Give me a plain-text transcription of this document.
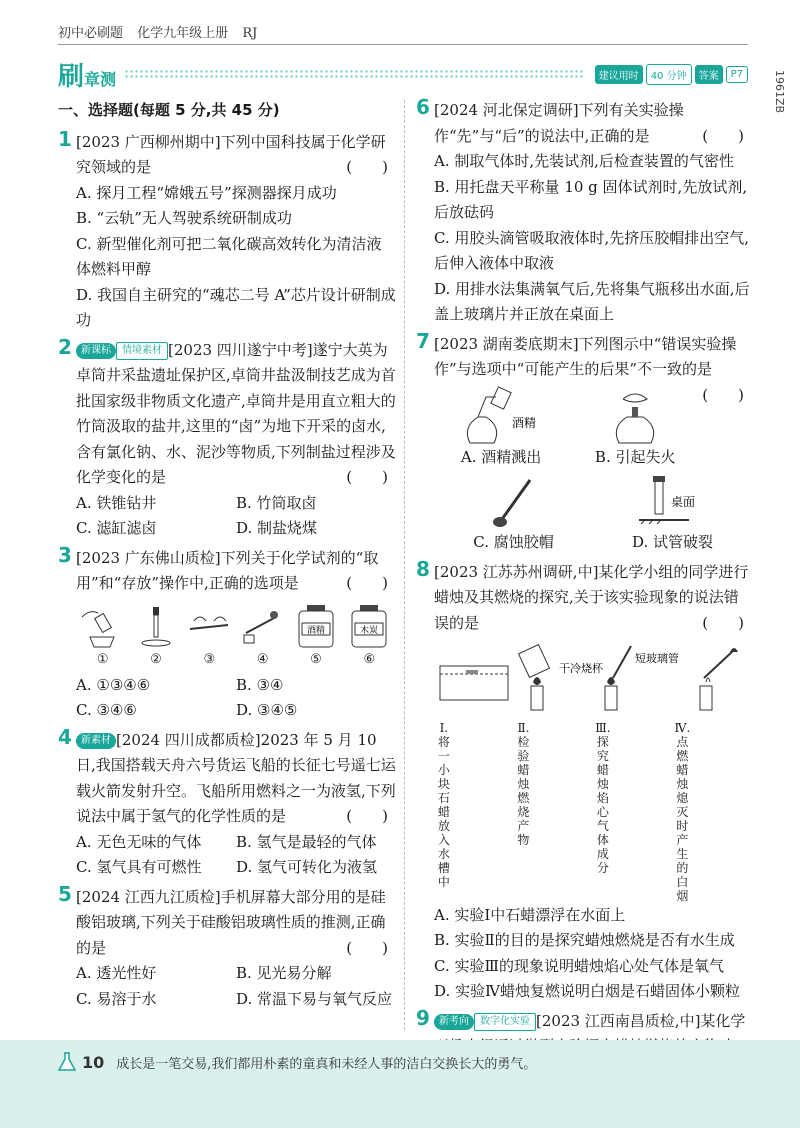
初中必刷题 化学九年级上册 RJ
1961ZB
刷章测	建议用时	40 分钟	答案	P7
一、选择题(每题 5 分,共 45 分)
1 [2023 广西柳州期中]下列中国科技属于化学研究领域的是	(　　)
A. 探月工程“嫦娥五号”探测器探月成功
B. “云轨”无人驾驶系统研制成功
C. 新型催化剂可把二氧化碳高效转化为清洁液体燃料甲醇
D. 我国自主研究的“魂芯二号 A”芯片设计研制成功
2 新课标 情境素材 [2023 四川遂宁中考]遂宁大英为卓筒井采盐遗址保护区,卓筒井盐汲制技艺成为首批国家级非物质文化遗产,卓筒井是用直立粗大的竹筒汲取的盐井,这里的“卤”为地下开采的卤水,含有氯化钠、水、泥沙等物质,下列制盐过程涉及化学变化的是	(　　)
A. 铁锥钻井	B. 竹筒取卤
C. 滤缸滤卤	D. 制盐烧煤
3 [2023 广东佛山质检]下列关于化学试剂的“取用”和“存放”操作中,正确的选项是	(　　)
酒精	木炭
①	②	③	④	⑤	⑥
A. ①③④⑥	B. ③④
C. ③④⑥	D. ③④⑤
4 新素材 [2024 四川成都质检]2023 年 5 月 10 日,我国搭载天舟六号货运飞船的长征七号遥七运载火箭发射升空。飞船所用燃料之一为液氢,下列说法中属于氢气的化学性质的是	(　　)
A. 无色无味的气体	B. 氢气是最轻的气体
C. 氢气具有可燃性	D. 氢气可转化为液氢
5 [2024 江西九江质检]手机屏幕大部分用的是硅酸铝玻璃,下列关于硅酸铝玻璃性质的推测,正确的是	(　　)
A. 透光性好	B. 见光易分解
C. 易溶于水	D. 常温下易与氧气反应
6 [2024 河北保定调研]下列有关实验操作“先”与“后”的说法中,正确的是	(　　)
A. 制取气体时,先装试剂,后检查装置的气密性
B. 用托盘天平称量 10 g 固体试剂时,先放试剂,后放砝码
C. 用胶头滴管吸取液体时,先挤压胶帽排出空气,后伸入液体中取液
D. 用排水法集满氧气后,先将集气瓶移出水面,后盖上玻璃片并正放在桌面上
7 [2023 湖南娄底期末]下列图示中“错误实验操作”与选项中“可能产生的后果”不一致的是
(　　)
酒精
A. 酒精溅出	B. 引起失火
C. 腐蚀胶帽
桌面
D. 试管破裂
8 [2023 江苏苏州调研,中]某化学小组的同学进行蜡烛及其燃烧的探究,关于该实验现象的说法错误的是	(　　)
Ⅰ.将一小块石蜡放入水槽中
干冷烧杯
Ⅱ.检验蜡烛燃烧产物
短玻璃管
Ⅲ.探究蜡烛焰心气体成分
Ⅳ.点燃蜡烛熄灭时产生的白烟
A. 实验Ⅰ中石蜡漂浮在水面上
B. 实验Ⅱ的目的是探究蜡烛燃烧是否有水生成
C. 实验Ⅲ的现象说明蜡烛焰心处气体是氧气
D. 实验Ⅳ蜡烛复燃说明白烟是石蜡固体小颗粒
9 新考向 数字化实验 [2023 江西南昌质检,中]某化学
10 成长是一笔交易,我们都用朴素的童真和未经人事的洁白交换长大的勇气。
